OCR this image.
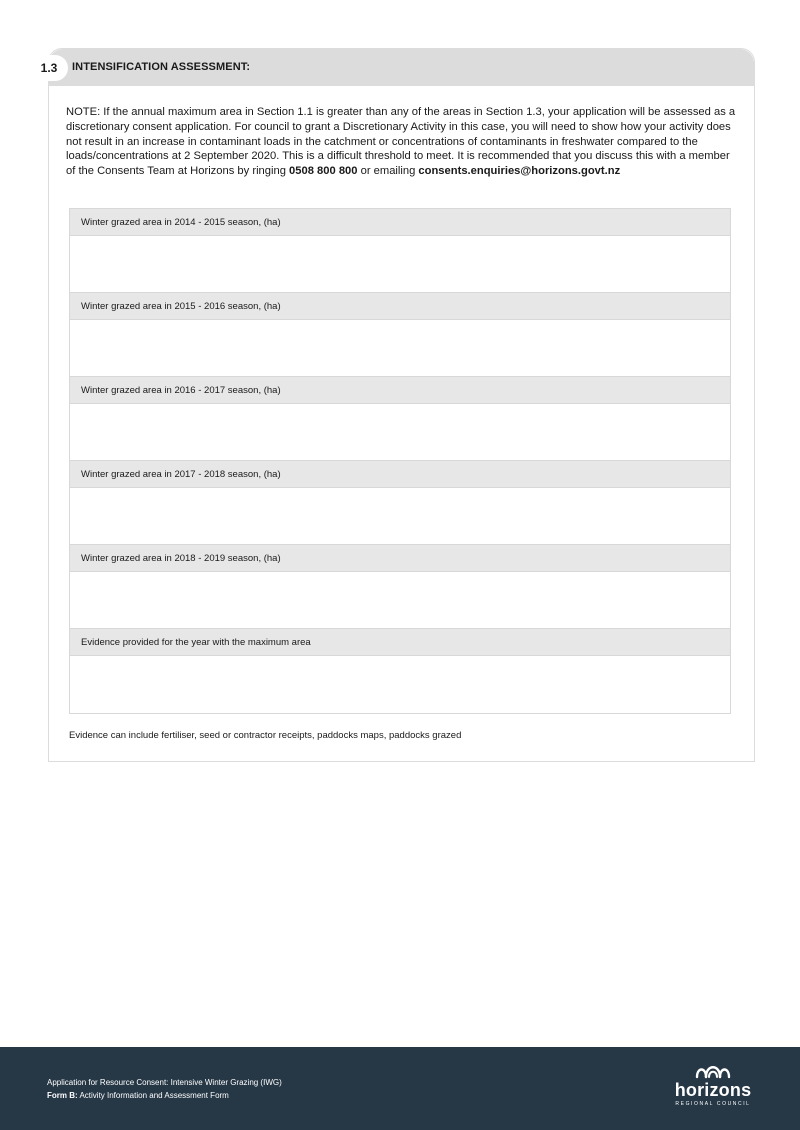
1.3	INTENSIFICATION ASSESSMENT:

NOTE: If the annual maximum area in Section 1.1 is greater than any of the areas in Section 1.3, your application will be assessed as a discretionary consent application. For council to grant a Discretionary Activity in this case, you will need to show how your activity does not result in an increase in contaminant loads in the catchment or concentrations of contaminants in freshwater compared to the loads/concentrations at 2 September 2020. This is a difficult threshold to meet. It is recommended that you discuss this with a member of the Consents Team at Horizons by ringing 0508 800 800 or emailing consents.enquiries@horizons.govt.nz

Winter grazed area in 2014 - 2015 season, (ha)
Winter grazed area in 2015 - 2016 season, (ha)
Winter grazed area in 2016 - 2017 season, (ha)
Winter grazed area in 2017 - 2018 season, (ha)
Winter grazed area in 2018 - 2019 season, (ha)
Evidence provided for the year with the maximum area
Evidence can include fertiliser, seed or contractor receipts, paddocks maps, paddocks grazed
Application for Resource Consent: Intensive Winter Grazing (IWG)
Form B: Activity Information and Assessment Form	horizons
REGIONAL COUNCIL
